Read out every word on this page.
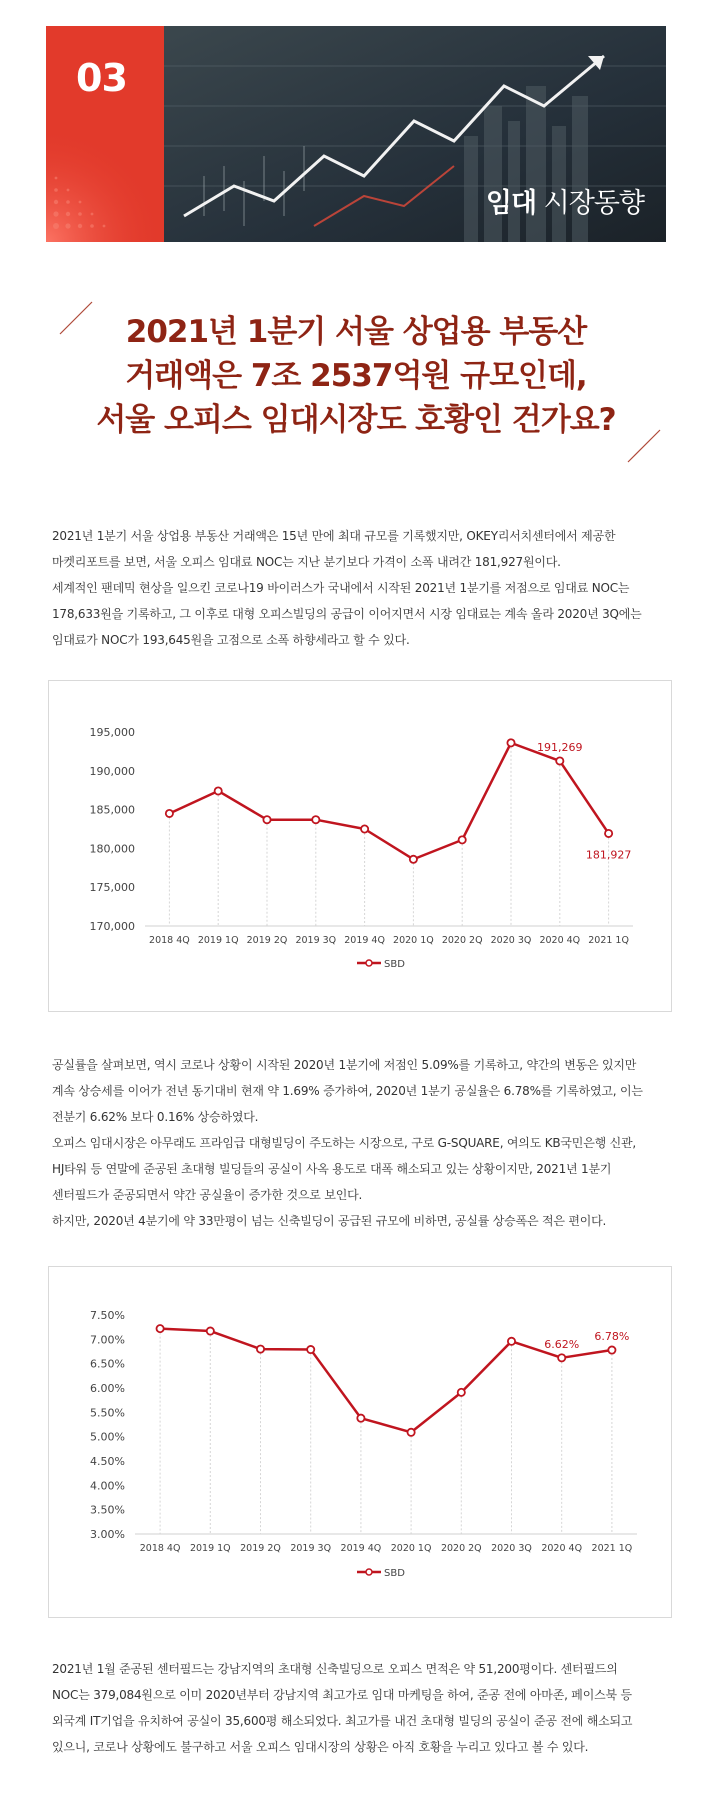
03
임대 시장동향
2021년 1분기 서울 상업용 부동산
거래액은 7조 2537억원 규모인데,
서울 오피스 임대시장도 호황인 건가요?

2021년 1분기 서울 상업용 부동산 거래액은 15년 만에 최대 규모를 기록했지만, OKEY리서치센터에서 제공한

마켓리포트를 보면, 서울 오피스 임대료 NOC는 지난 분기보다 가격이 소폭 내려간 181,927원이다.

세계적인 팬데믹 현상을 일으킨 코로나19 바이러스가 국내에서 시작된 2021년 1분기를 저점으로 임대료 NOC는

178,633원을 기록하고, 그 이후로 대형 오피스빌딩의 공급이 이어지면서 시장 임대료는 계속 올라 2020년 3Q에는

임대료가 NOC가 193,645원을 고점으로 소폭 하향세라고 할 수 있다.

195,000
190,000
185,000
180,000
175,000
170,000
2018 4Q 2019 1Q 2019 2Q 2019 3Q 2019 4Q 2020 1Q 2020 2Q 2020 3Q 2020 4Q 2021 1Q
191,269
181,927
SBD

공실률을 살펴보면, 역시 코로나 상황이 시작된 2020년 1분기에 저점인 5.09%를 기록하고, 약간의 변동은 있지만

계속 상승세를 이어가 전년 동기대비 현재 약 1.69% 증가하여, 2020년 1분기 공실율은 6.78%를 기록하였고, 이는

전분기 6.62% 보다 0.16% 상승하였다.

오피스 임대시장은 아무래도 프라임급 대형빌딩이 주도하는 시장으로, 구로 G-SQUARE, 여의도 KB국민은행 신관,

HJ타워 등 연말에 준공된 초대형 빌딩들의 공실이 사옥 용도로 대폭 해소되고 있는 상황이지만, 2021년 1분기

센터필드가 준공되면서 약간 공실율이 증가한 것으로 보인다.

하지만, 2020년 4분기에 약 33만평이 넘는 신축빌딩이 공급된 규모에 비하면, 공실률 상승폭은 적은 편이다.

7.50%
7.00%
6.50%
6.00%
5.50%
5.00%
4.50%
4.00%
3.50%
3.00%
2018 4Q 2019 1Q 2019 2Q 2019 3Q 2019 4Q 2020 1Q 2020 2Q 2020 3Q 2020 4Q 2021 1Q
6.62%
6.78%
SBD

2021년 1월 준공된 센터필드는 강남지역의 초대형 신축빌딩으로 오피스 면적은 약 51,200평이다. 센터필드의

NOC는 379,084원으로 이미 2020년부터 강남지역 최고가로 임대 마케팅을 하여, 준공 전에 아마존, 페이스북 등

외국계 IT기업을 유치하여 공실이 35,600평 해소되었다. 최고가를 내건 초대형 빌딩의 공실이 준공 전에 해소되고

있으니, 코로나 상황에도 불구하고 서울 오피스 임대시장의 상황은 아직 호황을 누리고 있다고 볼 수 있다.
